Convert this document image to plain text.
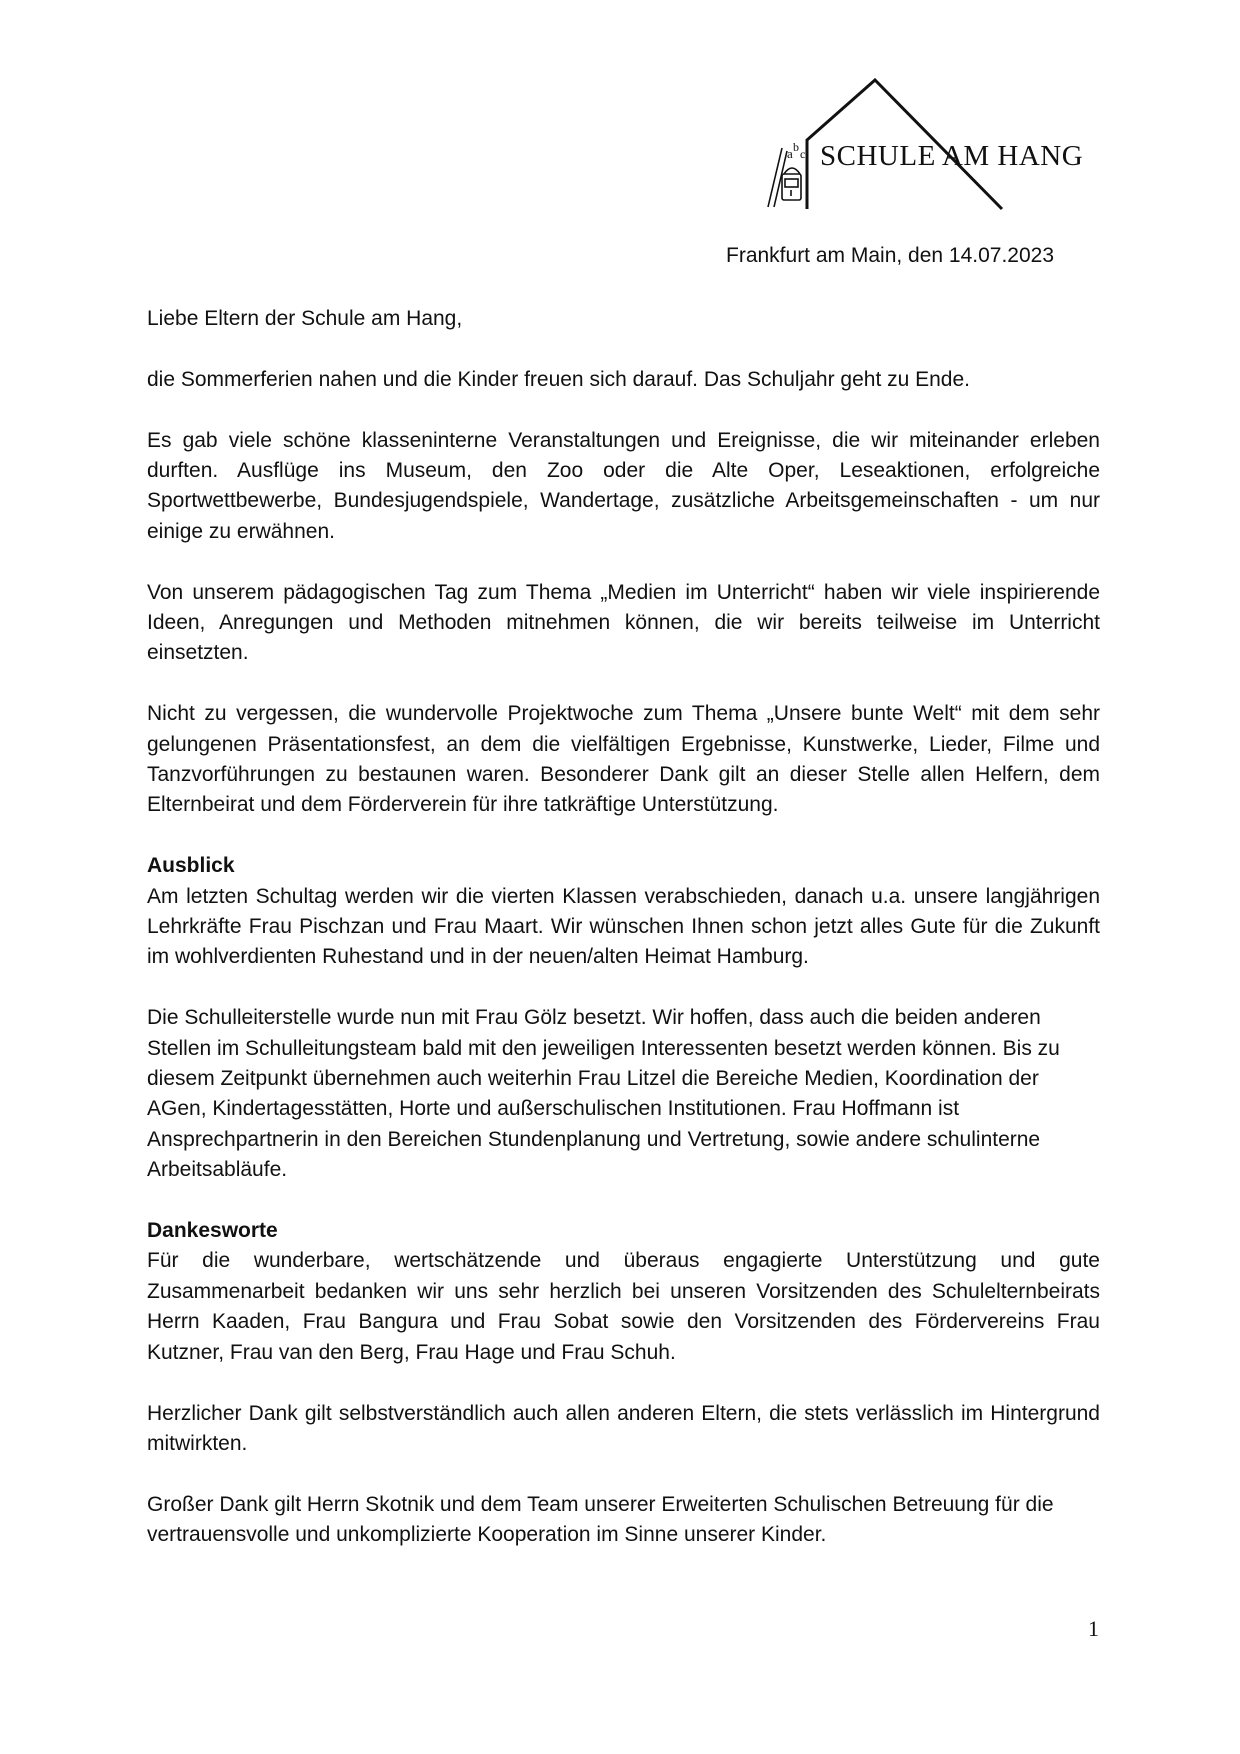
a b c SCHULE AM HANG
Frankfurt am Main, den 14.07.2023

Liebe Eltern der Schule am Hang,

die Sommerferien nahen und die Kinder freuen sich darauf. Das Schuljahr geht zu Ende.

Es gab viele schöne klasseninterne Veranstaltungen und Ereignisse, die wir miteinander erleben durften. Ausflüge ins Museum, den Zoo oder die Alte Oper, Leseaktionen, erfolgreiche Sportwettbewerbe, Bundesjugendspiele, Wandertage, zusätzliche Arbeitsgemeinschaften - um nur einige zu erwähnen.

Von unserem pädagogischen Tag zum Thema „Medien im Unterricht“ haben wir viele inspirierende Ideen, Anregungen und Methoden mitnehmen können, die wir bereits teilweise im Unterricht einsetzten.

Nicht zu vergessen, die wundervolle Projektwoche zum Thema „Unsere bunte Welt“ mit dem sehr gelungenen Präsentationsfest, an dem die vielfältigen Ergebnisse, Kunstwerke, Lieder, Filme und Tanzvorführungen zu bestaunen waren. Besonderer Dank gilt an dieser Stelle allen Helfern, dem Elternbeirat und dem Förderverein für ihre tatkräftige Unterstützung.

Ausblick

Am letzten Schultag werden wir die vierten Klassen verabschieden, danach u.a. unsere langjährigen Lehrkräfte Frau Pischzan und Frau Maart. Wir wünschen Ihnen schon jetzt alles Gute für die Zukunft im wohlverdienten Ruhestand und in der neuen/alten Heimat Hamburg.

Die Schulleiterstelle wurde nun mit Frau Gölz besetzt. Wir hoffen, dass auch die beiden anderen Stellen im Schulleitungsteam bald mit den jeweiligen Interessenten besetzt werden können. Bis zu diesem Zeitpunkt übernehmen auch weiterhin Frau Litzel die Bereiche Medien, Koordination der AGen, Kindertagesstätten, Horte und außerschulischen Institutionen. Frau Hoffmann ist Ansprechpartnerin in den Bereichen Stundenplanung und Vertretung, sowie andere schulinterne Arbeitsabläufe.

Dankesworte

Für die wunderbare, wertschätzende und überaus engagierte Unterstützung und gute Zusammenarbeit bedanken wir uns sehr herzlich bei unseren Vorsitzenden des Schulelternbeirats Herrn Kaaden, Frau Bangura und Frau Sobat sowie den Vorsitzenden des Fördervereins Frau Kutzner, Frau van den Berg, Frau Hage und Frau Schuh.

Herzlicher Dank gilt selbstverständlich auch allen anderen Eltern, die stets verlässlich im Hintergrund mitwirkten.

Großer Dank gilt Herrn Skotnik und dem Team unserer Erweiterten Schulischen Betreuung für die vertrauensvolle und unkomplizierte Kooperation im Sinne unserer Kinder.

1
